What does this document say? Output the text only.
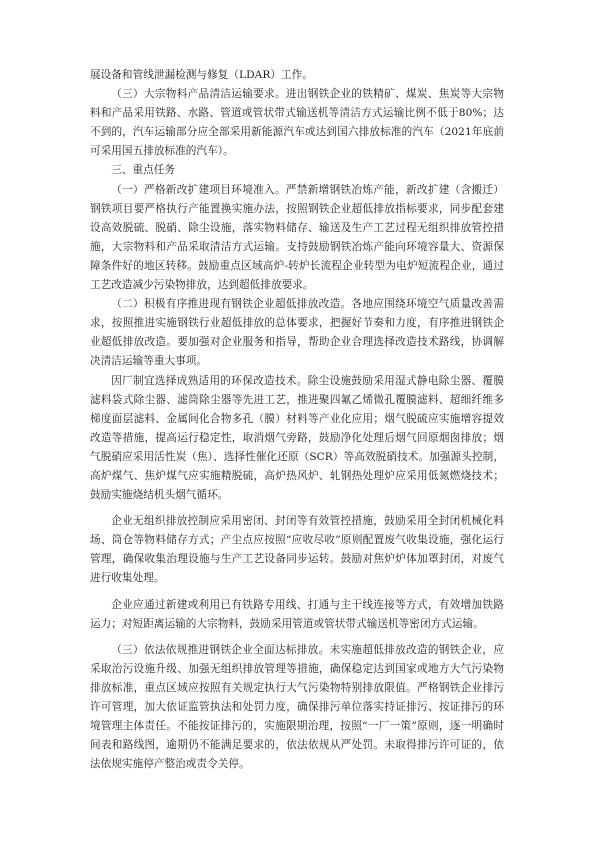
展设备和管线泄漏检测与修复（LDAR）工作。

（三）大宗物料产品清洁运输要求。进出钢铁企业的铁精矿、煤炭、焦炭等大宗物料和产品采用铁路、水路、管道或管状带式输送机等清洁方式运输比例不低于80%；达不到的，汽车运输部分应全部采用新能源汽车或达到国六排放标准的汽车（2021年底前可采用国五排放标准的汽车）。

三、重点任务

（一）严格新改扩建项目环境准入。严禁新增钢铁冶炼产能，新改扩建（含搬迁）钢铁项目要严格执行产能置换实施办法，按照钢铁企业超低排放指标要求，同步配套建设高效脱硫、脱硝、除尘设施，落实物料储存、输送及生产工艺过程无组织排放管控措施，大宗物料和产品采取清洁方式运输。支持鼓励钢铁冶炼产能向环境容量大、资源保障条件好的地区转移。鼓励重点区域高炉-转炉长流程企业转型为电炉短流程企业，通过工艺改造减少污染物排放，达到超低排放要求。

（二）积极有序推进现有钢铁企业超低排放改造。各地应围绕环境空气质量改善需求，按照推进实施钢铁行业超低排放的总体要求，把握好节奏和力度，有序推进钢铁企业超低排放改造。要加强对企业服务和指导，帮助企业合理选择改造技术路线，协调解决清洁运输等重大事项。

因厂制宜选择成熟适用的环保改造技术。除尘设施鼓励采用湿式静电除尘器、覆膜滤料袋式除尘器、滤筒除尘器等先进工艺，推进聚四氟乙烯微孔覆膜滤料、超细纤维多梯度面层滤料、金属间化合物多孔（膜）材料等产业化应用；烟气脱硫应实施增容提效改造等措施，提高运行稳定性，取消烟气旁路，鼓励净化处理后烟气回原烟囱排放；烟气脱硝应采用活性炭（焦）、选择性催化还原（SCR）等高效脱硝技术。加强源头控制，高炉煤气、焦炉煤气应实施精脱硫，高炉热风炉、轧钢热处理炉应采用低氮燃烧技术；鼓励实施烧结机头烟气循环。

企业无组织排放控制应采用密闭、封闭等有效管控措施，鼓励采用全封闭机械化料场、筒仓等物料储存方式；产尘点应按照“应收尽收”原则配置废气收集设施，强化运行管理，确保收集治理设施与生产工艺设备同步运转。鼓励对焦炉炉体加罩封闭，对废气进行收集处理。

企业应通过新建或利用已有铁路专用线、打通与主干线连接等方式，有效增加铁路运力；对短距离运输的大宗物料，鼓励采用管道或管状带式输送机等密闭方式运输。

（三）依法依规推进钢铁企业全面达标排放。未实施超低排放改造的钢铁企业，应采取治污设施升级、加强无组织排放管理等措施，确保稳定达到国家或地方大气污染物排放标准，重点区域应按照有关规定执行大气污染物特别排放限值。严格钢铁企业排污许可管理，加大依证监管执法和处罚力度，确保排污单位落实持证排污、按证排污的环境管理主体责任。不能按证排污的，实施限期治理，按照“一厂一策”原则，逐一明确时间表和路线图，逾期仍不能满足要求的，依法依规从严处罚。未取得排污许可证的，依法依规实施停产整治或责令关停。
